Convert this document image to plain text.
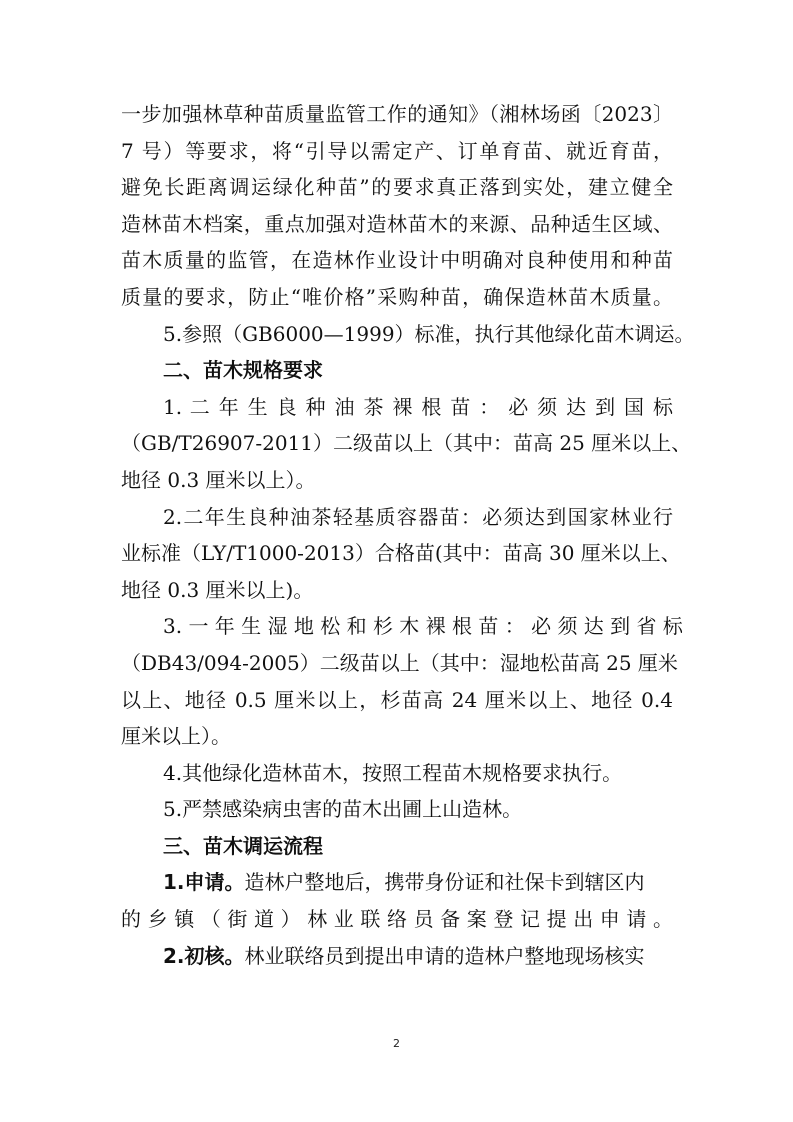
一步加强林草种苗质量监管工作的通知》（湘林场函〔2023〕
7 号）等要求，将“引导以需定产、订单育苗、就近育苗，
避免长距离调运绿化种苗”的要求真正落到实处，建立健全
造林苗木档案，重点加强对造林苗木的来源、品种适生区域、
苗木质量的监管，在造林作业设计中明确对良种使用和种苗
质量的要求，防止“唯价格”采购种苗，确保造林苗木质量。
5.参照（GB6000—1999）标准，执行其他绿化苗木调运。
二、苗木规格要求
1. 二 年 生 良 种 油 茶 裸 根 苗 ： 必 须 达 到 国 标
（GB/T26907-2011）二级苗以上（其中：苗高 25 厘米以上、
地径 0.3 厘米以上）。
2.二年生良种油茶轻基质容器苗：必须达到国家林业行
业标准（LY/T1000-2013）合格苗(其中：苗高 30 厘米以上、
地径 0.3 厘米以上)。
3. 一 年 生 湿 地 松 和 杉 木 裸 根 苗 ： 必 须 达 到 省 标
（DB43/094-2005）二级苗以上（其中：湿地松苗高 25 厘米
以上、地径 0.5 厘米以上，杉苗高 24 厘米以上、地径 0.4
厘米以上）。
4.其他绿化造林苗木，按照工程苗木规格要求执行。
5.严禁感染病虫害的苗木出圃上山造林。
三、苗木调运流程
1.申请。造林户整地后，携带身份证和社保卡到辖区内
的乡镇（街道）林业联络员备案登记提出申请。
2.初核。林业联络员到提出申请的造林户整地现场核实
2
